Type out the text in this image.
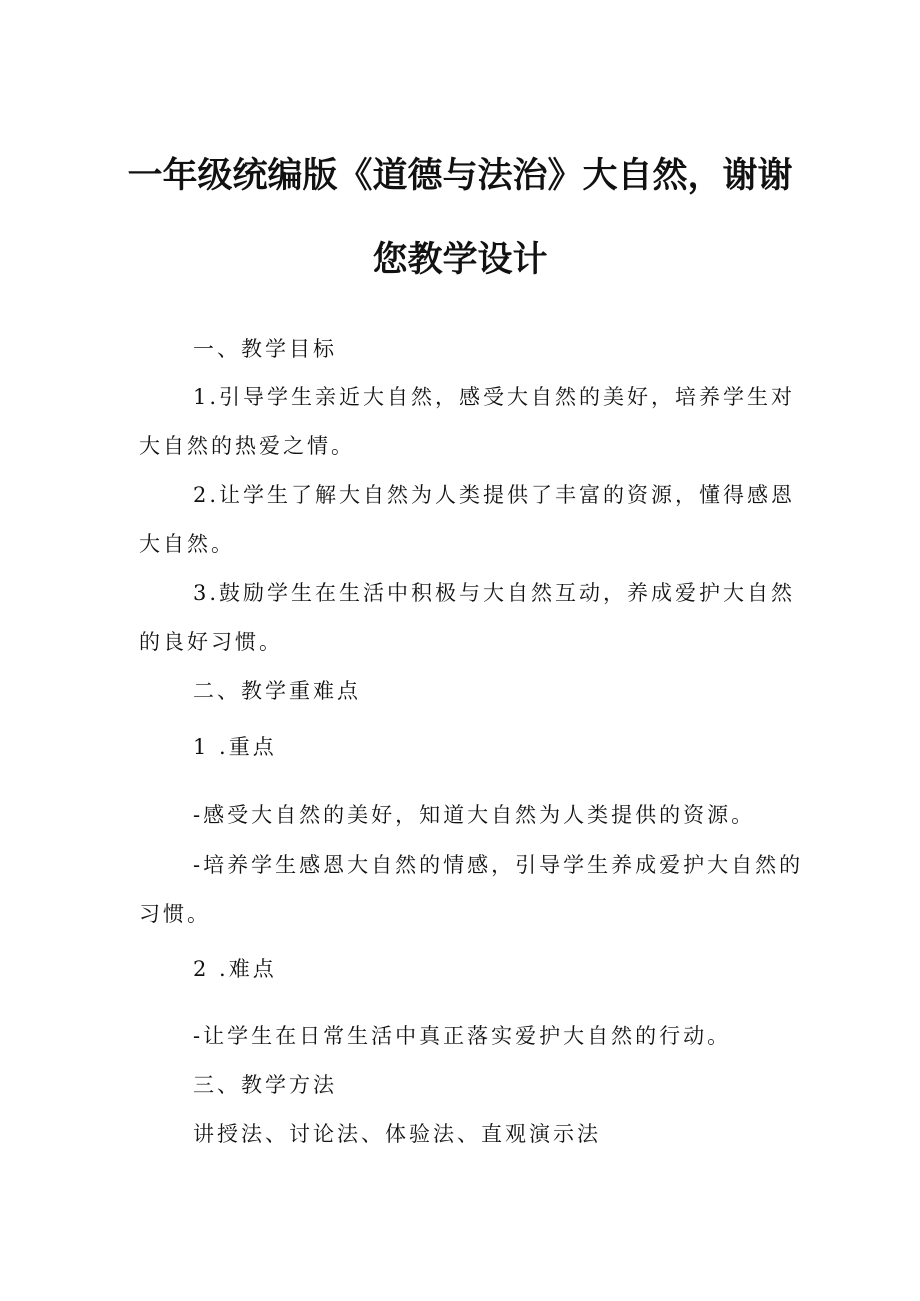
一年级统编版《道德与法治》大自然，谢谢
您教学设计
一、教学目标
1.引导学生亲近大自然，感受大自然的美好，培养学生对
大自然的热爱之情。
2.让学生了解大自然为人类提供了丰富的资源，懂得感恩
大自然。
3.鼓励学生在生活中积极与大自然互动，养成爱护大自然
的良好习惯。
二、教学重难点
1 .重点
-感受大自然的美好，知道大自然为人类提供的资源。
-培养学生感恩大自然的情感，引导学生养成爱护大自然的
习惯。
2 .难点
-让学生在日常生活中真正落实爱护大自然的行动。
三、教学方法
讲授法、讨论法、体验法、直观演示法
